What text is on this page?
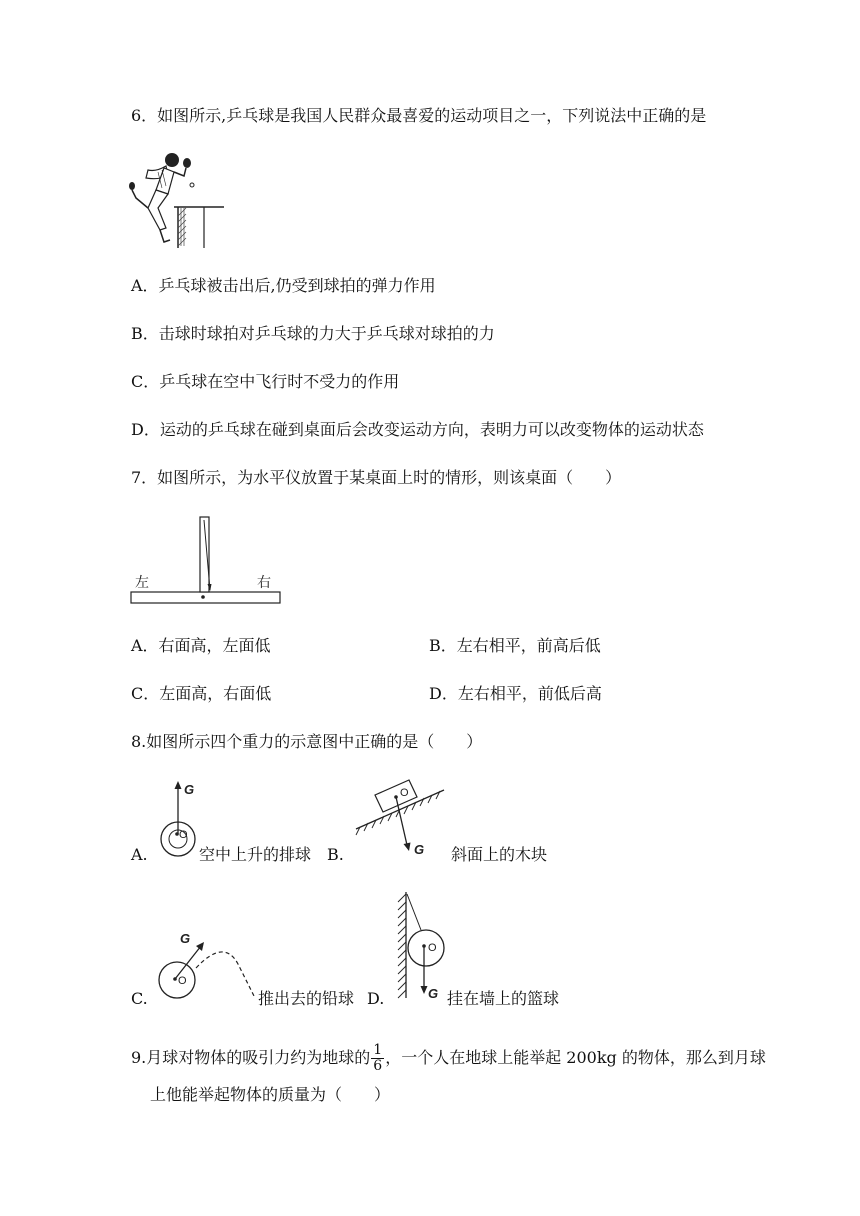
6．如图所示,乒乓球是我国人民群众最喜爱的运动项目之一，下列说法中正确的是
A．乒乓球被击出后,仍受到球拍的弹力作用
B．击球时球拍对乒乓球的力大于乒乓球对球拍的力
C．乒乓球在空中飞行时不受力的作用
D．运动的乒乓球在碰到桌面后会改变运动方向，表明力可以改变物体的运动状态
7．如图所示，为水平仪放置于某桌面上时的情形，则该桌面（　　）
左	右
A．右面高，左面低	B．左右相平，前高后低
C．左面高，右面低	D．左右相平，前低后高
8.如图所示四个重力的示意图中正确的是（　　）
A.
G
O
空中上升的排球 B.
O
G 斜面上的木块
C.
G
O
推出去的铅球 D.
O
G 挂在墙上的篮球
9.月球对物体的吸引力约为地球的 $\frac{1}{6}$ ，一个人在地球上能举起 200kg 的物体，那么到月球
上他能举起物体的质量为（　　）
